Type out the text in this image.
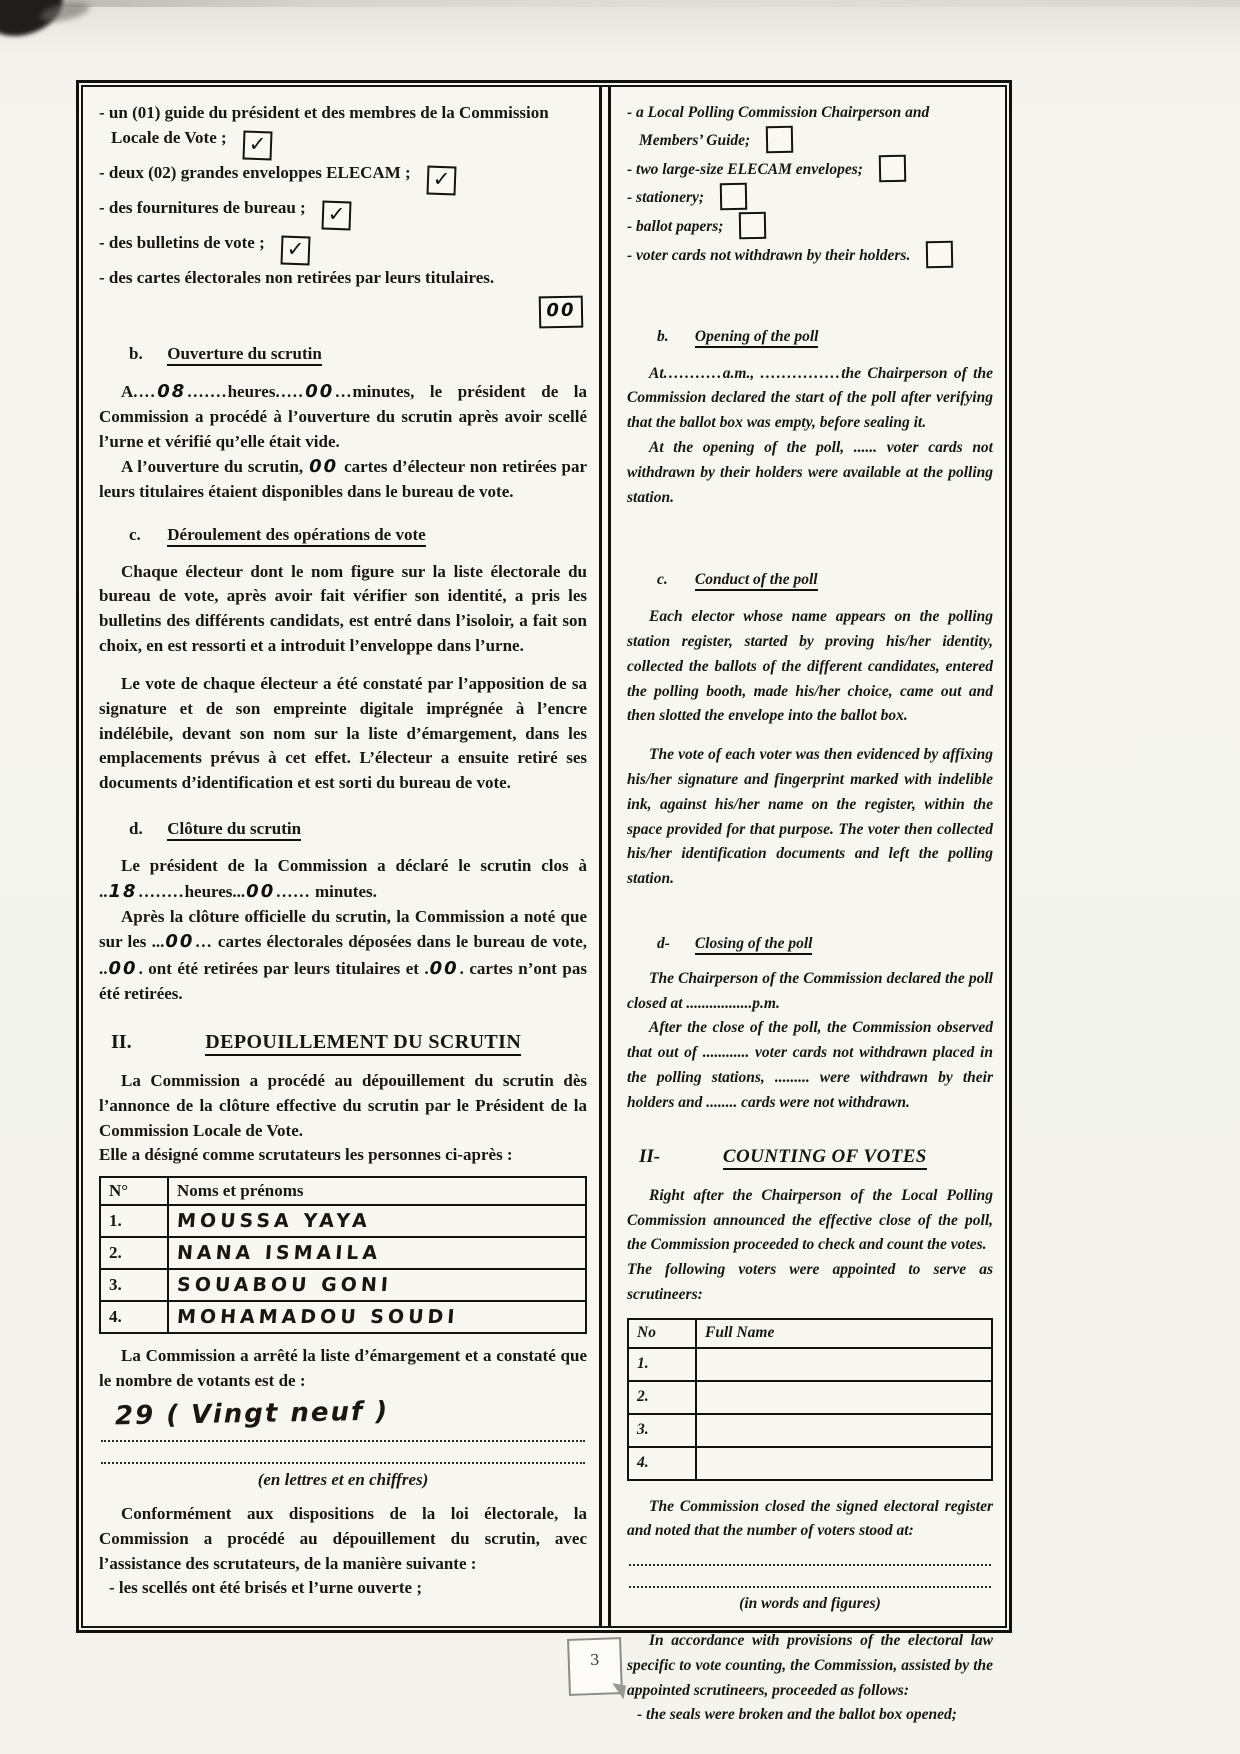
- un (01) guide du président et des membres de la Commission Locale de Vote ; ✓
- deux (02) grandes enveloppes ELECAM ; ✓
- des fournitures de bureau ; ✓
- des bulletins de vote ; ✓
- des cartes électorales non retirées par leurs titulaires.
00
b. Ouverture du scrutin

A....08.......heures.....00...minutes, le président de la Commission a procédé à l’ouverture du scrutin après avoir scellé l’urne et vérifié qu’elle était vide.

A l’ouverture du scrutin, 00 cartes d’électeur non retirées par leurs titulaires étaient disponibles dans le bureau de vote.

c. Déroulement des opérations de vote

Chaque électeur dont le nom figure sur la liste électorale du bureau de vote, après avoir fait vérifier son identité, a pris les bulletins des différents candidats, est entré dans l’isoloir, a fait son choix, en est ressorti et a introduit l’enveloppe dans l’urne.

Le vote de chaque électeur a été constaté par l’apposition de sa signature et de son empreinte digitale imprégnée à l’encre indélébile, devant son nom sur la liste d’émargement, dans les emplacements prévus à cet effet. L’électeur a ensuite retiré ses documents d’identification et est sorti du bureau de vote.

d. Clôture du scrutin

Le président de la Commission a déclaré le scrutin clos à ..18........heures...00...... minutes.

Après la clôture officielle du scrutin, la Commission a noté que sur les ...00... cartes électorales déposées dans le bureau de vote, ..00. ont été retirées par leurs titulaires et .00. cartes n’ont pas été retirées.

II.	DEPOUILLEMENT DU SCRUTIN

La Commission a procédé au dépouillement du scrutin dès l’annonce de la clôture effective du scrutin par le Président de la Commission Locale de Vote.

Elle a désigné comme scrutateurs les personnes ci-après :

N°	Noms et prénoms
1.	MOUSSA YAYA
2.	NANA ISMAILA
3.	SOUABOU GONI
4.	MOHAMADOU SOUDI

La Commission a arrêté la liste d’émargement et a constaté que le nombre de votants est de :

29 ( Vingt neuf )
(en lettres et en chiffres)

Conformément aux dispositions de la loi électorale, la Commission a procédé au dépouillement du scrutin, avec l’assistance des scrutateurs, de la manière suivante :

- les scellés ont été brisés et l’urne ouverte ;

- a Local Polling Commission Chairperson and Members’ Guide;
- two large-size ELECAM envelopes;
- stationery;
- ballot papers;
- voter cards not withdrawn by their holders.
b. Opening of the poll

At...........a.m., ...............the Chairperson of the Commission declared the start of the poll after verifying that the ballot box was empty, before sealing it.

At the opening of the poll, ...... voter cards not withdrawn by their holders were available at the polling station.

c. Conduct of the poll

Each elector whose name appears on the polling station register, started by proving his/her identity, collected the ballots of the different candidates, entered the polling booth, made his/her choice, came out and then slotted the envelope into the ballot box.

The vote of each voter was then evidenced by affixing his/her signature and fingerprint marked with indelible ink, against his/her name on the register, within the space provided for that purpose. The voter then collected his/her identification documents and left the polling station.

d- Closing of the poll

The Chairperson of the Commission declared the poll closed at .................p.m.

After the close of the poll, the Commission observed that out of ............ voter cards not withdrawn placed in the polling stations, ......... were withdrawn by their holders and ........ cards were not withdrawn.

II-	COUNTING OF VOTES

Right after the Chairperson of the Local Polling Commission announced the effective close of the poll, the Commission proceeded to check and count the votes.

The following voters were appointed to serve as scrutineers:

No	Full Name
1.	
2.	
3.	
4.	

The Commission closed the signed electoral register and noted that the number of voters stood at:

(in words and figures)

In accordance with provisions of the electoral law specific to vote counting, the Commission, assisted by the appointed scrutineers, proceeded as follows:

- the seals were broken and the ballot box opened;

3
